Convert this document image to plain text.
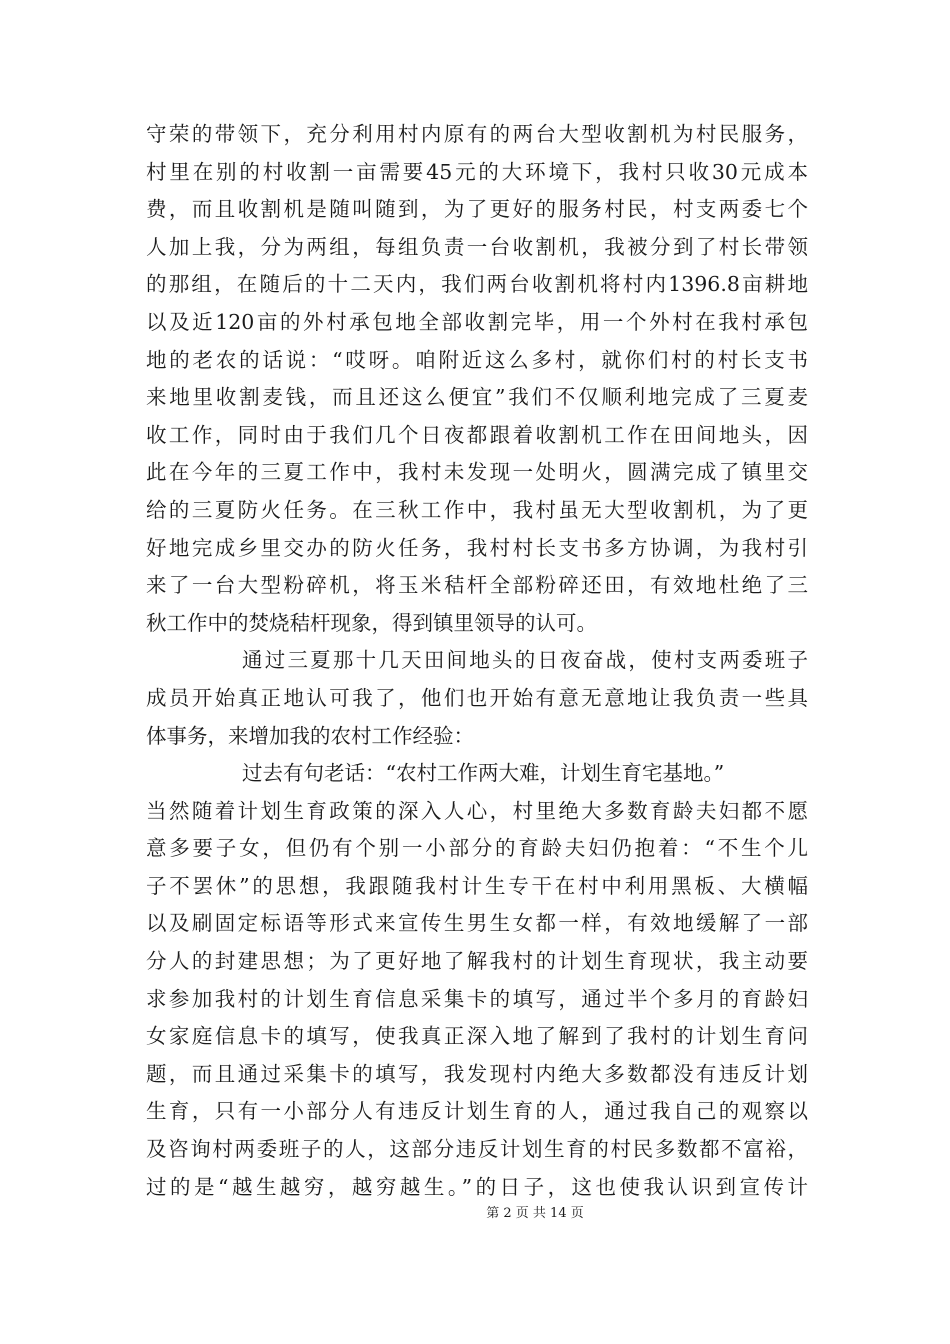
守荣的带领下，充分利用村内原有的两台大型收割机为村民服务，
村里在别的村收割一亩需要45元的大环境下，我村只收30元成本
费，而且收割机是随叫随到，为了更好的服务村民，村支两委七个
人加上我，分为两组，每组负责一台收割机，我被分到了村长带领
的那组，在随后的十二天内，我们两台收割机将村内1396.8亩耕地
以及近120亩的外村承包地全部收割完毕，用一个外村在我村承包
地的老农的话说：“哎呀。咱附近这么多村，就你们村的村长支书
来地里收割麦钱，而且还这么便宜”我们不仅顺利地完成了三夏麦
收工作，同时由于我们几个日夜都跟着收割机工作在田间地头，因
此在今年的三夏工作中，我村未发现一处明火，圆满完成了镇里交
给的三夏防火任务。在三秋工作中，我村虽无大型收割机，为了更
好地完成乡里交办的防火任务，我村村长支书多方协调，为我村引
来了一台大型粉碎机，将玉米秸杆全部粉碎还田，有效地杜绝了三
秋工作中的焚烧秸杆现象，得到镇里领导的认可。
通过三夏那十几天田间地头的日夜奋战，使村支两委班子
成员开始真正地认可我了，他们也开始有意无意地让我负责一些具
体事务，来增加我的农村工作经验：
过去有句老话：“农村工作两大难，计划生育宅基地。”
当然随着计划生育政策的深入人心，村里绝大多数育龄夫妇都不愿
意多要子女，但仍有个别一小部分的育龄夫妇仍抱着：“不生个儿
子不罢休”的思想，我跟随我村计生专干在村中利用黑板、大横幅
以及刷固定标语等形式来宣传生男生女都一样，有效地缓解了一部
分人的封建思想；为了更好地了解我村的计划生育现状，我主动要
求参加我村的计划生育信息采集卡的填写，通过半个多月的育龄妇
女家庭信息卡的填写，使我真正深入地了解到了我村的计划生育问
题，而且通过采集卡的填写，我发现村内绝大多数都没有违反计划
生育，只有一小部分人有违反计划生育的人，通过我自己的观察以
及咨询村两委班子的人，这部分违反计划生育的村民多数都不富裕，
过的是“越生越穷，越穷越生。”的日子，这也使我认识到宣传计
第 2 页 共 14 页
